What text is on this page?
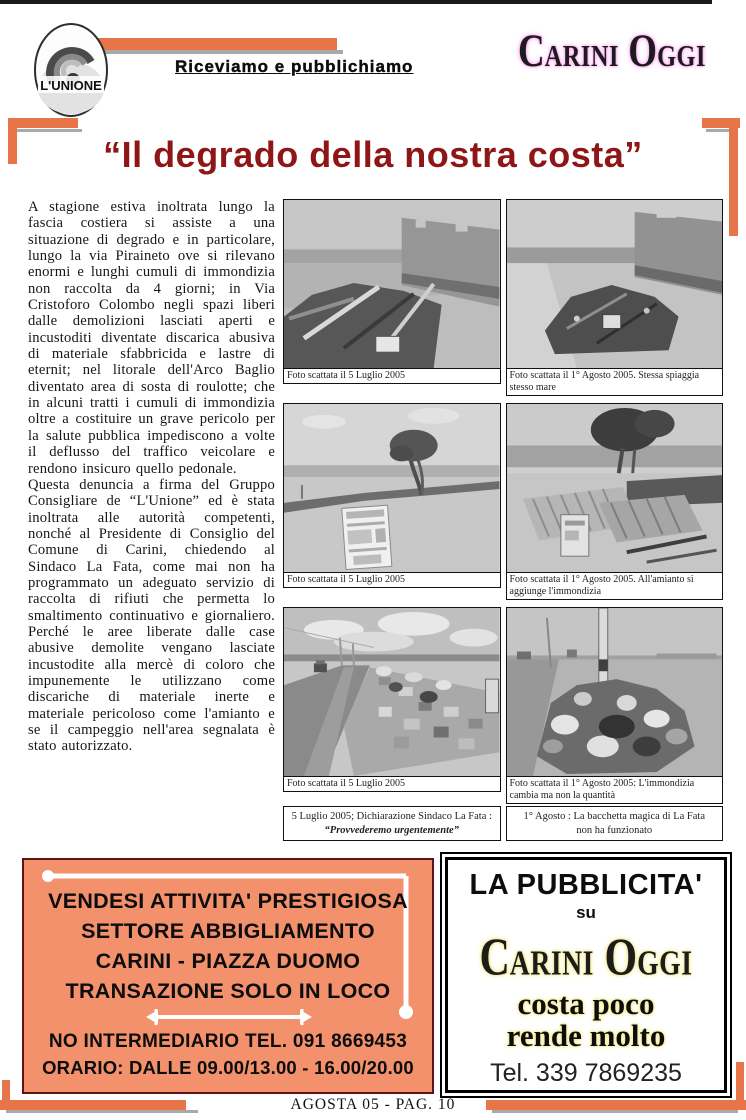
L'UNIONE
Riceviamo e pubblichiamo	CARINI OGGI
“Il degrado della nostra costa”

A stagione estiva inoltrata lungo la fascia costiera si assiste a una situazione di degrado e in particolare, lungo la via Piraineto ove si rilevano enormi e lunghi cumuli di immondizia non raccolta da 4 giorni; in Via Cristoforo Colombo negli spazi liberi dalle demolizioni lasciati aperti e incustoditi diventate discarica abusiva di materiale sfabbricida e lastre di eternit; nel litorale dell'Arco Baglio diventato area di sosta di roulotte; che in alcuni tratti i cumuli di immondizia oltre a costituire un grave pericolo per la salute pubblica impediscono a volte il deflusso del traffico veicolare e rendono insicuro quello pedonale.

Questa denuncia a firma del Gruppo Consigliare de “L'Unione” ed è stata inoltrata alle autorità competenti, nonché al Presidente di Consiglio del Comune di Carini, chiedendo al Sindaco La Fata, come mai non ha programmato un adeguato servizio di raccolta di rifiuti che permetta lo smaltimento continuativo e giornaliero. Perché le aree liberate dalle case abusive demolite vengano lasciate incustodite alla mercè di coloro che impunemente le utilizzano come discariche di materiale inerte e materiale pericoloso come l'amianto e se il campeggio nell'area segnalata è stato autorizzato.

Foto scattata il 5 Luglio 2005	Foto scattata il 1° Agosto 2005. Stessa spiaggia stesso mare
Foto scattata il 5 Luglio 2005	Foto scattata il 1° Agosto 2005. All'amianto si aggiunge l'immondizia
Foto scattata il 5 Luglio 2005	Foto scattata il 1° Agosto 2005: L'immondizia cambia ma non la quantità
5 Luglio 2005; Dichiarazione Sindaco La Fata :
“Provvederemo urgentemente”
1° Agosto : La bacchetta magica di La Fata
non ha funzionato
VENDESI ATTIVITA' PRESTIGIOSA
SETTORE ABBIGLIAMENTO
CARINI - PIAZZA DUOMO
TRANSAZIONE SOLO IN LOCO
NO INTERMEDIARIO TEL. 091 8669453
ORARIO: DALLE 09.00/13.00 - 16.00/20.00
LA PUBBLICITA'
su
CARINI OGGI
costa poco
rende molto
Tel. 339 7869235
AGOSTA 05 - PAG. 10
